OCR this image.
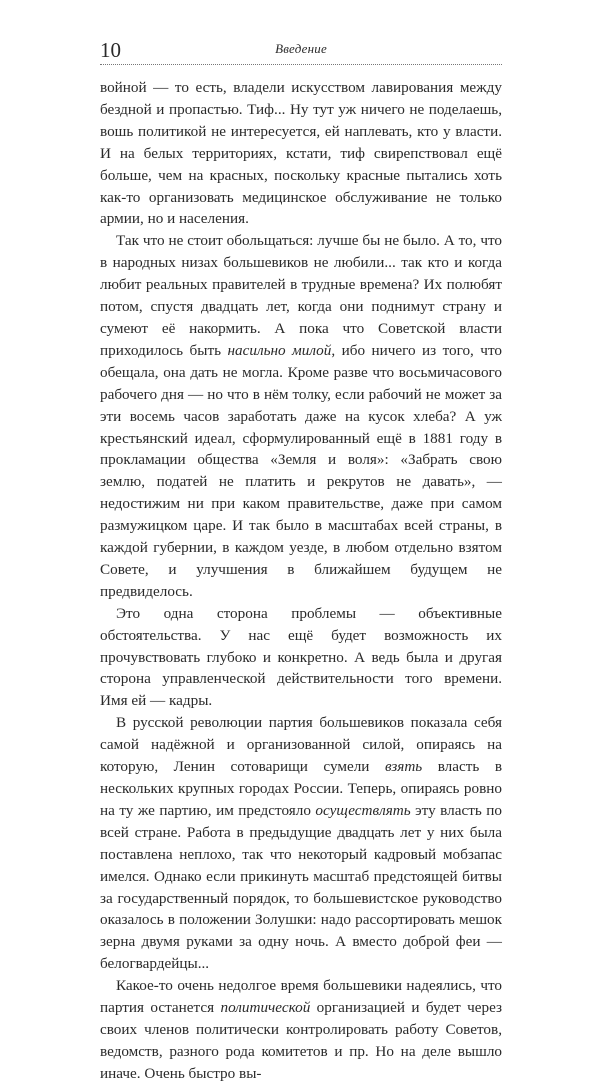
10	Введение

войной — то есть, владели искусством лавирования между бездной и пропастью. Тиф... Ну тут уж ничего не поделаешь, вошь политикой не интересуется, ей наплевать, кто у власти. И на белых территориях, кстати, тиф свирепствовал ещё больше, чем на красных, поскольку красные пытались хоть как-то организовать медицинское обслуживание не только армии, но и населения.

Так что не стоит обольщаться: лучше бы не было. А то, что в народных низах большевиков не любили... так кто и когда любит реальных правителей в трудные времена? Их полюбят потом, спустя двадцать лет, когда они поднимут страну и сумеют её накормить. А пока что Советской власти приходилось быть насильно милой, ибо ничего из того, что обещала, она дать не могла. Кроме разве что восьмичасового рабочего дня — но что в нём толку, если рабочий не может за эти восемь часов заработать даже на кусок хлеба? А уж крестьянский идеал, сформулированный ещё в 1881 году в прокламации общества «Земля и воля»: «Забрать свою землю, податей не платить и рекрутов не давать», — недостижим ни при каком правительстве, даже при самом размужицком царе. И так было в масштабах всей страны, в каждой губернии, в каждом уезде, в любом отдельно взятом Совете, и улучшения в ближайшем будущем не предвиделось.

Это одна сторона проблемы — объективные обстоятельства. У нас ещё будет возможность их прочувствовать глубоко и конкретно. А ведь была и другая сторона управленческой действительности того времени. Имя ей — кадры.

В русской революции партия большевиков показала себя самой надёжной и организованной силой, опираясь на которую, Ленин сотоварищи сумели взять власть в нескольких крупных городах России. Теперь, опираясь ровно на ту же партию, им предстояло осуществлять эту власть по всей стране. Работа в предыдущие двадцать лет у них была поставлена неплохо, так что некоторый кадровый мобзапас имелся. Однако если прикинуть масштаб предстоящей битвы за государственный порядок, то большевистское руководство оказалось в положении Золушки: надо рассортировать мешок зерна двумя руками за одну ночь. А вместо доброй феи — белогвардейцы...

Какое-то очень недолгое время большевики надеялись, что партия останется политической организацией и будет через своих членов политически контролировать работу Советов, ведомств, разного рода комитетов и пр. Но на деле вышло иначе. Очень быстро вы-
